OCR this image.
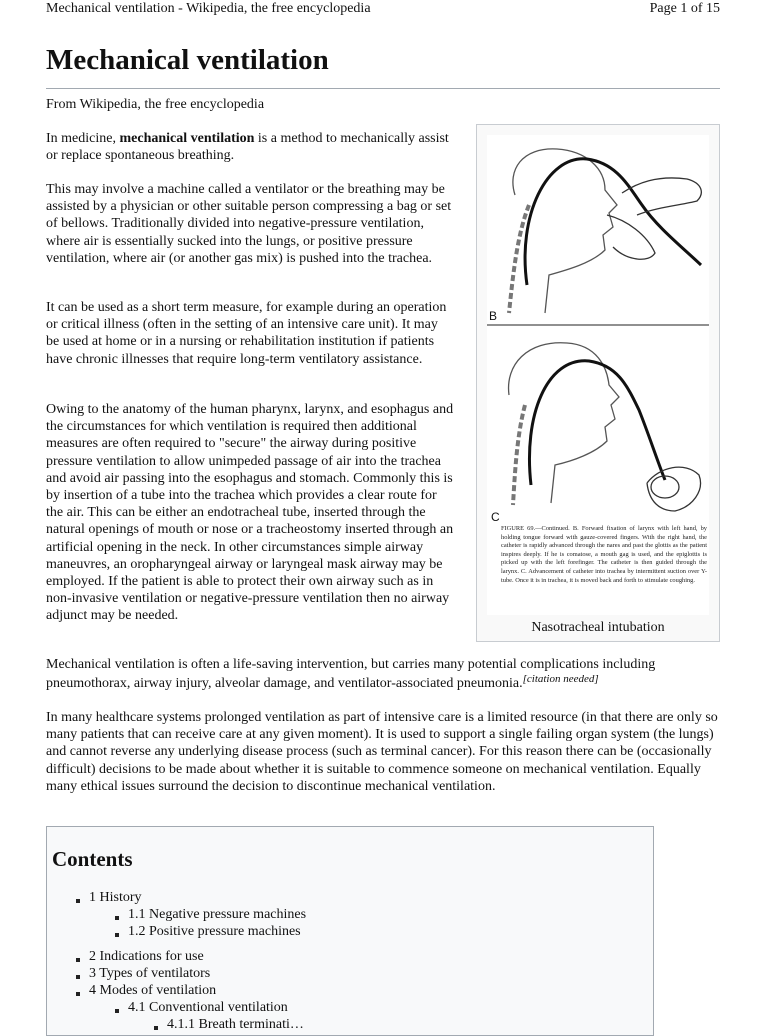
Mechanical ventilation - Wikipedia, the free encyclopedia	Page 1 of 15
Mechanical ventilation
From Wikipedia, the free encyclopedia

In medicine, mechanical ventilation is a method to mechanically assist or replace spontaneous breathing.

This may involve a machine called a ventilator or the breathing may be assisted by a physician or other suitable person compressing a bag or set of bellows. Traditionally divided into negative-pressure ventilation, where air is essentially sucked into the lungs, or positive pressure ventilation, where air (or another gas mix) is pushed into the trachea.

It can be used as a short term measure, for example during an operation or critical illness (often in the setting of an intensive care unit). It may be used at home or in a nursing or rehabilitation institution if patients have chronic illnesses that require long-term ventilatory assistance.

Owing to the anatomy of the human pharynx, larynx, and esophagus and the circumstances for which ventilation is required then additional measures are often required to "secure" the airway during positive pressure ventilation to allow unimpeded passage of air into the trachea and avoid air passing into the esophagus and stomach. Commonly this is by insertion of a tube into the trachea which provides a clear route for the air. This can be either an endotracheal tube, inserted through the natural openings of mouth or nose or a tracheostomy inserted through an artificial opening in the neck. In other circumstances simple airway maneuvres, an oropharyngeal airway or laryngeal mask airway may be employed. If the patient is able to protect their own airway such as in non-invasive ventilation or negative-pressure ventilation then no airway adjunct may be needed.

B
C
FIGURE 69.—Continued. B. Forward fixation of larynx with left hand, by holding tongue forward with gauze-covered fingers. With the right hand, the catheter is rapidly advanced through the nares and past the glottis as the patient inspires deeply. If he is comatose, a mouth gag is used, and the epiglottis is picked up with the left forefinger. The catheter is then guided through the larynx. C. Advancement of catheter into trachea by intermittent suction over Y-tube. Once it is in trachea, it is moved back and forth to stimulate coughing.
Nasotracheal intubation

Mechanical ventilation is often a life-saving intervention, but carries many potential complications including pneumothorax, airway injury, alveolar damage, and ventilator-associated pneumonia.[citation needed]

In many healthcare systems prolonged ventilation as part of intensive care is a limited resource (in that there are only so many patients that can receive care at any given moment). It is used to support a single failing organ system (the lungs) and cannot reverse any underlying disease process (such as terminal cancer). For this reason there can be (occasionally difficult) decisions to be made about whether it is suitable to commence someone on mechanical ventilation. Equally many ethical issues surround the decision to discontinue mechanical ventilation.

Contents
1 History
1.1 Negative pressure machines
1.2 Positive pressure machines
2 Indications for use
3 Types of ventilators
4 Modes of ventilation
4.1 Conventional ventilation
4.1.1 Breath terminati…
